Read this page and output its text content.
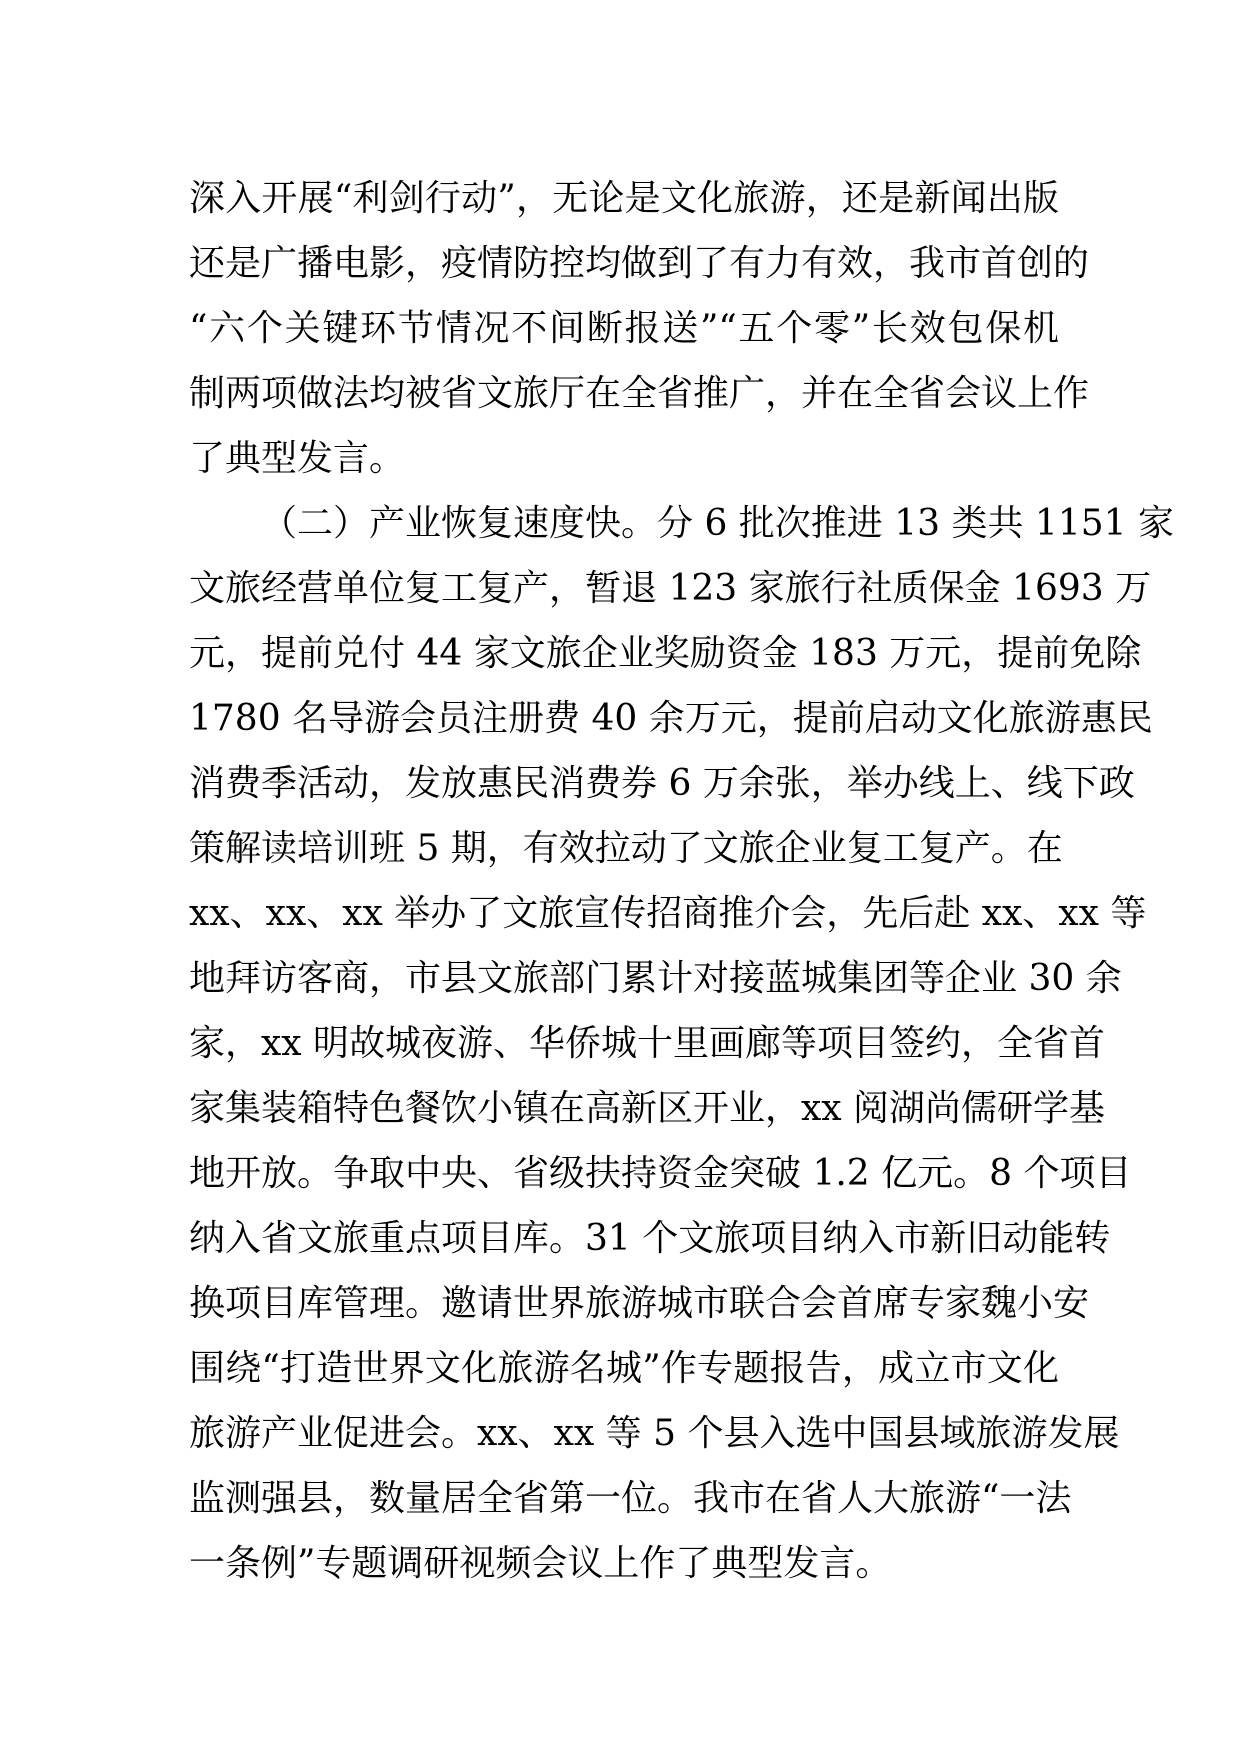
深入开展“利剑行动”，无论是文化旅游，还是新闻出版
还是广播电影，疫情防控均做到了有力有效，我市首创的
“六个关键环节情况不间断报送”“五个零”长效包保机
制两项做法均被省文旅厅在全省推广，并在全省会议上作
了典型发言。
（二）产业恢复速度快。分 6 批次推进 13 类共 1151 家
文旅经营单位复工复产，暂退 123 家旅行社质保金 1693 万
元，提前兑付 44 家文旅企业奖励资金 183 万元，提前免除
1780 名导游会员注册费 40 余万元，提前启动文化旅游惠民
消费季活动，发放惠民消费券 6 万余张，举办线上、线下政
策解读培训班 5 期，有效拉动了文旅企业复工复产。在
xx、xx、xx 举办了文旅宣传招商推介会，先后赴 xx、xx 等
地拜访客商，市县文旅部门累计对接蓝城集团等企业 30 余
家，xx 明故城夜游、华侨城十里画廊等项目签约，全省首
家集装箱特色餐饮小镇在高新区开业，xx 阅湖尚儒研学基
地开放。争取中央、省级扶持资金突破 1.2 亿元。8 个项目
纳入省文旅重点项目库。31 个文旅项目纳入市新旧动能转
换项目库管理。邀请世界旅游城市联合会首席专家魏小安
围绕“打造世界文化旅游名城”作专题报告，成立市文化
旅游产业促进会。xx、xx 等 5 个县入选中国县域旅游发展
监测强县，数量居全省第一位。我市在省人大旅游“一法
一条例”专题调研视频会议上作了典型发言。
